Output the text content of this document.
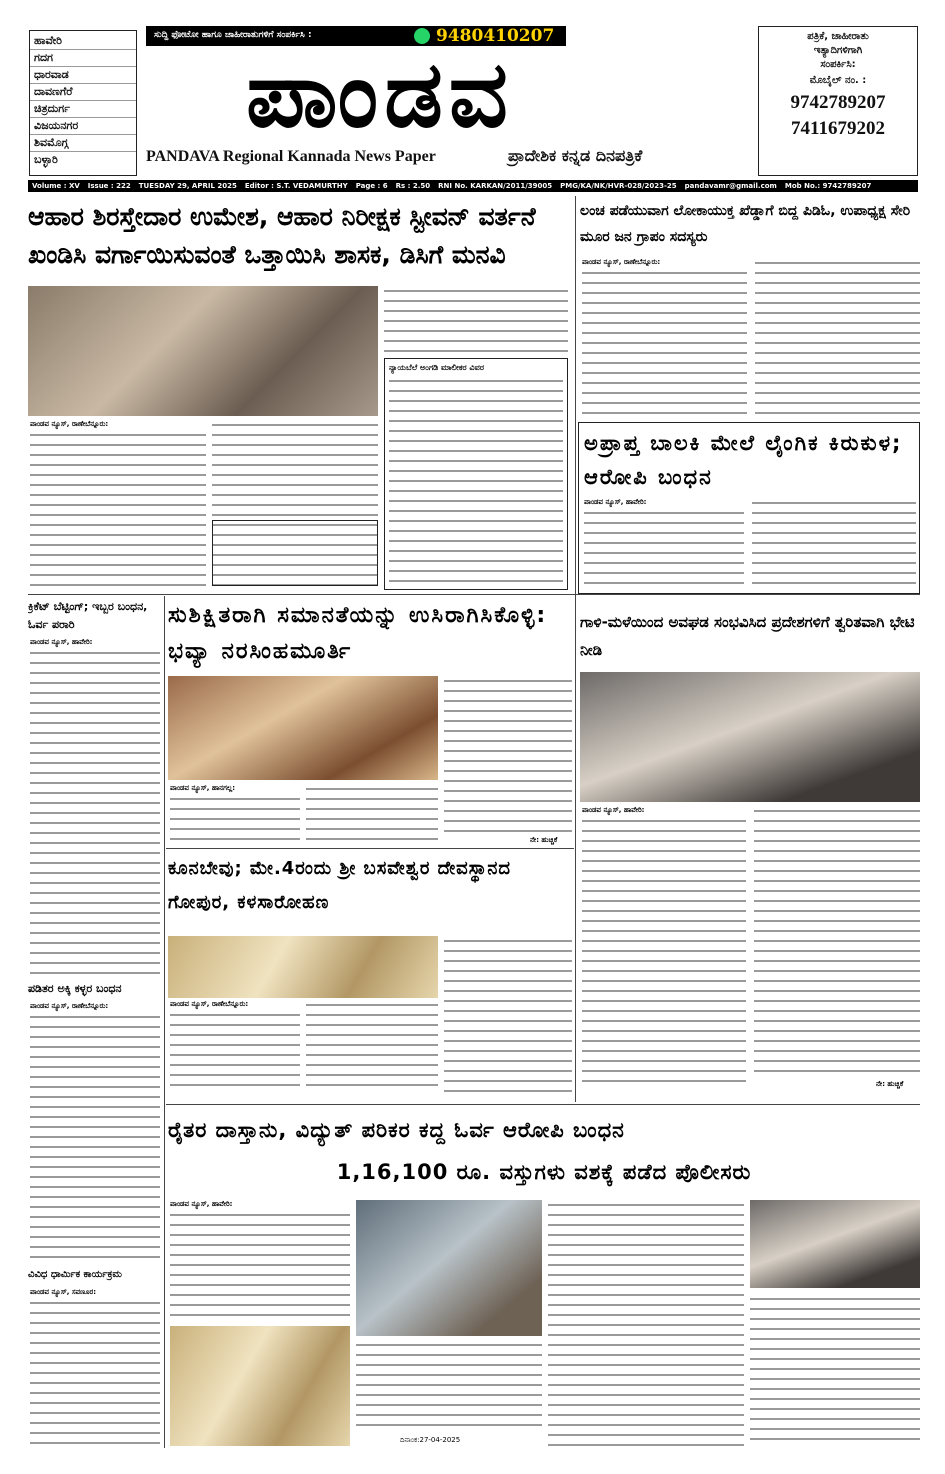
ಹಾವೇರಿ
ಗದಗ
ಧಾರವಾಡ
ದಾವಣಗೆರೆ
ಚಿತ್ರದುರ್ಗ
ವಿಜಯನಗರ
ಶಿವಮೊಗ್ಗ
ಬಳ್ಳಾರಿ
ಸುದ್ದಿ ಫೋಟೋ ಹಾಗೂ ಜಾಹೀರಾತುಗಳಿಗೆ ಸಂಪರ್ಕಿಸಿ :	9480410207
ಪಾಂಡವ
PANDAVA Regional Kannada News Paper	ಪ್ರಾದೇಶಿಕ ಕನ್ನಡ ದಿನಪತ್ರಿಕೆ
ಪತ್ರಿಕೆ, ಜಾಹೀರಾತು
ಇತ್ಯಾದಿಗಳಿಗಾಗಿ
ಸಂಪರ್ಕಿಸಿ:
ಮೊಬೈಲ್ ನಂ. :
9742789207
7411679202
Volume : XV Issue : 222 TUESDAY 29, APRIL 2025 Editor : S.T. VEDAMURTHY Page : 6 Rs : 2.50 RNI No. KARKAN/2011/39005 PMG/KA/NK/HVR-028/2023-25 pandavamr@gmail.com Mob No.: 9742789207
ಆಹಾರ ಶಿರಸ್ತೇದಾರ ಉಮೇಶ, ಆಹಾರ ನಿರೀಕ್ಷಕ ಸ್ಟೀವನ್ ವರ್ತನೆ ಖಂಡಿಸಿ ವರ್ಗಾಯಿಸುವಂತೆ ಒತ್ತಾಯಿಸಿ ಶಾಸಕ, ಡಿಸಿಗೆ ಮನವಿ
ಪಾಂಡವ ನ್ಯೂಸ್, ರಾಣೇಬೆನ್ನೂರು:
ನ್ಯಾಯಬೆಲೆ ಅಂಗಡಿ ಮಾಲೀಕರ ವಿವರ
ಲಂಚ ಪಡೆಯುವಾಗ ಲೋಕಾಯುಕ್ತ ಖೆಡ್ಡಾಗೆ ಬಿದ್ದ ಪಿಡಿಓ, ಉಪಾಧ್ಯಕ್ಷ ಸೇರಿ ಮೂರ ಜನ ಗ್ರಾಪಂ ಸದಸ್ಯರು
ಪಾಂಡವ ನ್ಯೂಸ್, ರಾಣೇಬೆನ್ನೂರು:
ಅಪ್ರಾಪ್ತ ಬಾಲಕಿ ಮೇಲೆ ಲೈಂಗಿಕ ಕಿರುಕುಳ; ಆರೋಪಿ ಬಂಧನ
ಪಾಂಡವ ನ್ಯೂಸ್, ಹಾವೇರಿ:
ಕ್ರಿಕೆಟ್ ಬೆಟ್ಟಿಂಗ್; ಇಬ್ಬರ ಬಂಧನ, ಓರ್ವ ಪರಾರಿ
ಪಾಂಡವ ನ್ಯೂಸ್, ಹಾವೇರಿ:
ಪಡಿತರ ಅಕ್ಕಿ ಕಳ್ಳರ ಬಂಧನ
ಪಾಂಡವ ನ್ಯೂಸ್, ರಾಣೇಬೆನ್ನೂರು:
ವಿವಿಧ ಧಾರ್ಮಿಕ ಕಾರ್ಯಕ್ರಮ
ಪಾಂಡವ ನ್ಯೂಸ್, ಸವಣೂರ:
ಸುಶಿಕ್ಷಿತರಾಗಿ ಸಮಾನತೆಯನ್ನು ಉಸಿರಾಗಿಸಿಕೊಳ್ಳಿ: ಭವ್ಯಾ ನರಸಿಂಹಮೂರ್ತಿ
ಪಾಂಡವ ನ್ಯೂಸ್, ಹಾನಗಲ್ಲ:
ನೇ: ಹುಚ್ಚಿಕೆ
ಕೂನಬೇವು; ಮೇ.4ರಂದು ಶ್ರೀ ಬಸವೇಶ್ವರ ದೇವಸ್ಥಾನದ ಗೋಪುರ, ಕಳಸಾರೋಹಣ
ಪಾಂಡವ ನ್ಯೂಸ್, ರಾಣೇಬೆನ್ನೂರು:
ಗಾಳಿ-ಮಳೆಯಿಂದ ಅವಘಡ ಸಂಭವಿಸಿದ ಪ್ರದೇಶಗಳಿಗೆ ತ್ವರಿತವಾಗಿ ಭೇಟಿ ನೀಡಿ
ಪಾಂಡವ ನ್ಯೂಸ್, ಹಾವೇರಿ:
ನೇ: ಹುಚ್ಚಿಕೆ
ರೈತರ ದಾಸ್ತಾನು, ವಿದ್ಯುತ್ ಪರಿಕರ ಕದ್ದ ಓರ್ವ ಆರೋಪಿ ಬಂಧನ
1,16,100 ರೂ. ವಸ್ತುಗಳು ವಶಕ್ಕೆ ಪಡೆದ ಪೊಲೀಸರು
ಪಾಂಡವ ನ್ಯೂಸ್, ಹಾವೇರಿ:
ದಿನಾಂಕ:27-04-2025
